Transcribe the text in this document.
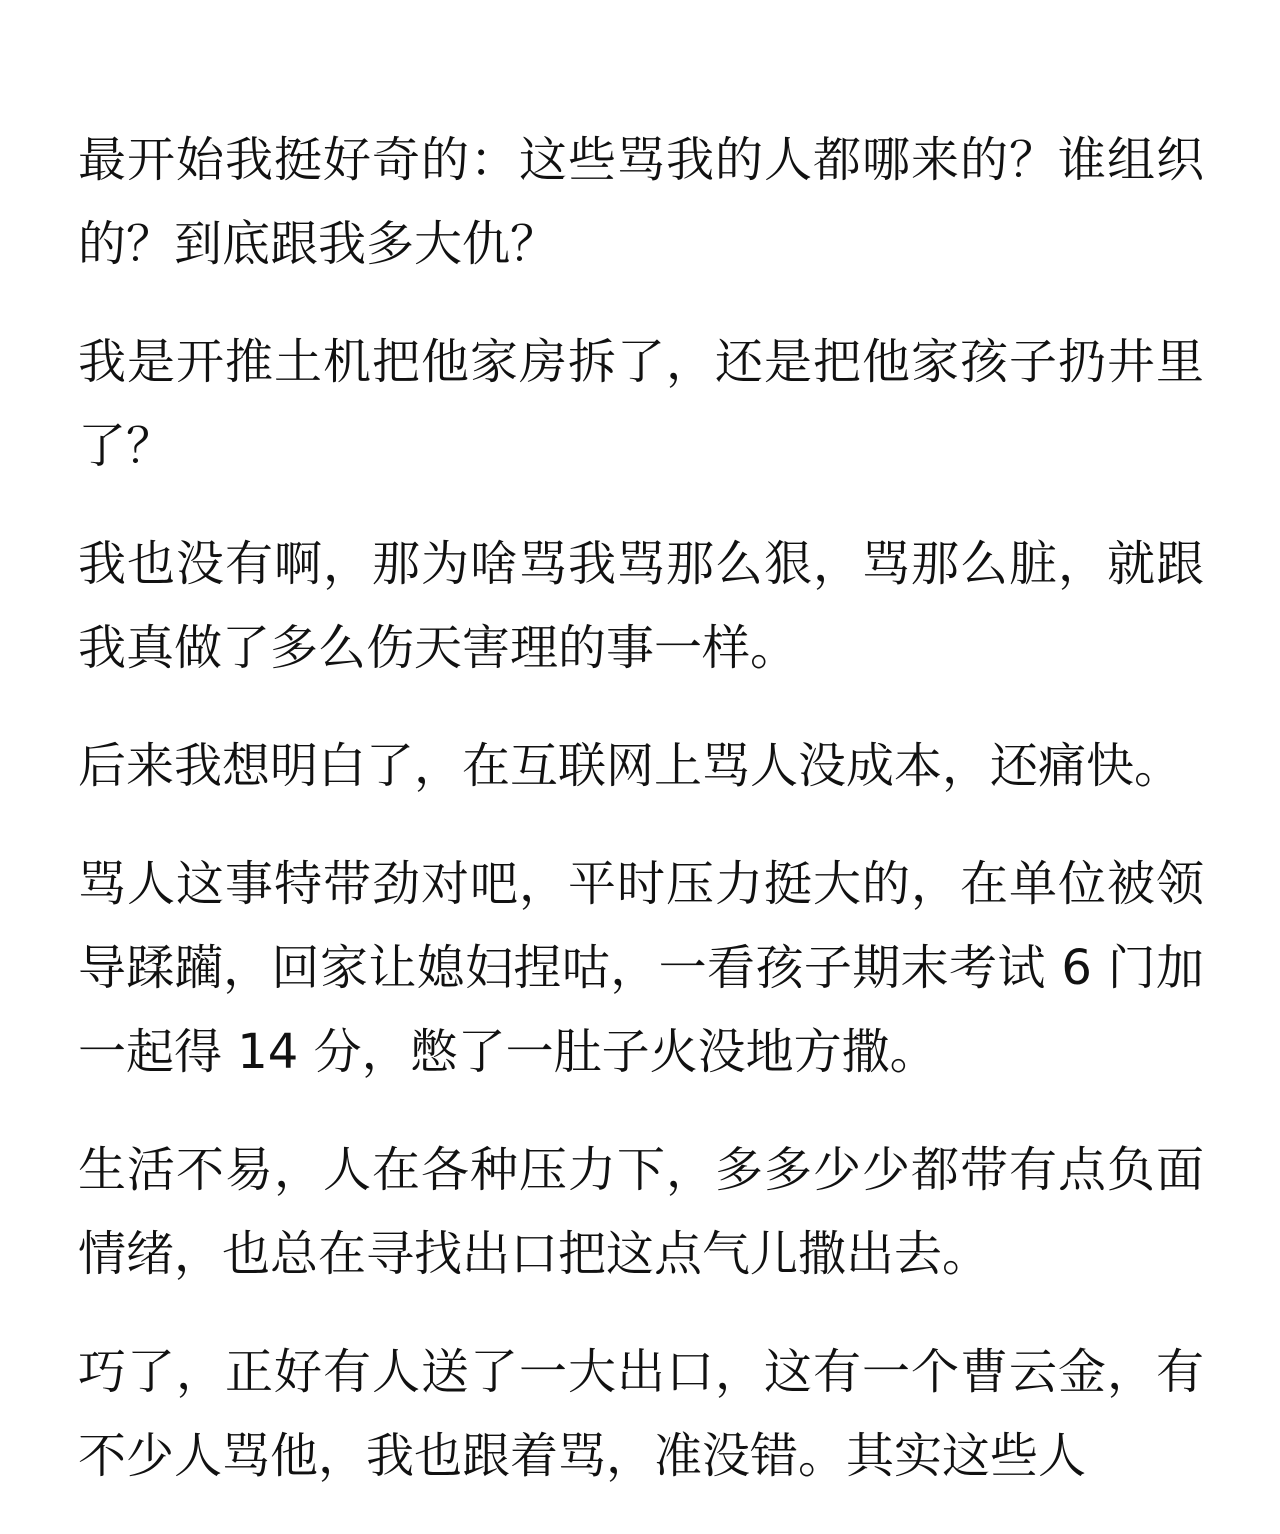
最开始我挺好奇的：这些骂我的人都哪来的？谁组织的？到底跟我多大仇？

我是开推土机把他家房拆了，还是把他家孩子扔井里了？

我也没有啊，那为啥骂我骂那么狠，骂那么脏，就跟我真做了多么伤天害理的事一样。

后来我想明白了，在互联网上骂人没成本，还痛快。

骂人这事特带劲对吧，平时压力挺大的，在单位被领导蹂躏，回家让媳妇捏咕，一看孩子期末考试 6 门加一起得 14 分，憋了一肚子火没地方撒。

生活不易，人在各种压力下，多多少少都带有点负面情绪，也总在寻找出口把这点气儿撒出去。

巧了，正好有人送了一大出口，这有一个曹云金，有不少人骂他，我也跟着骂，准没错。其实这些人
